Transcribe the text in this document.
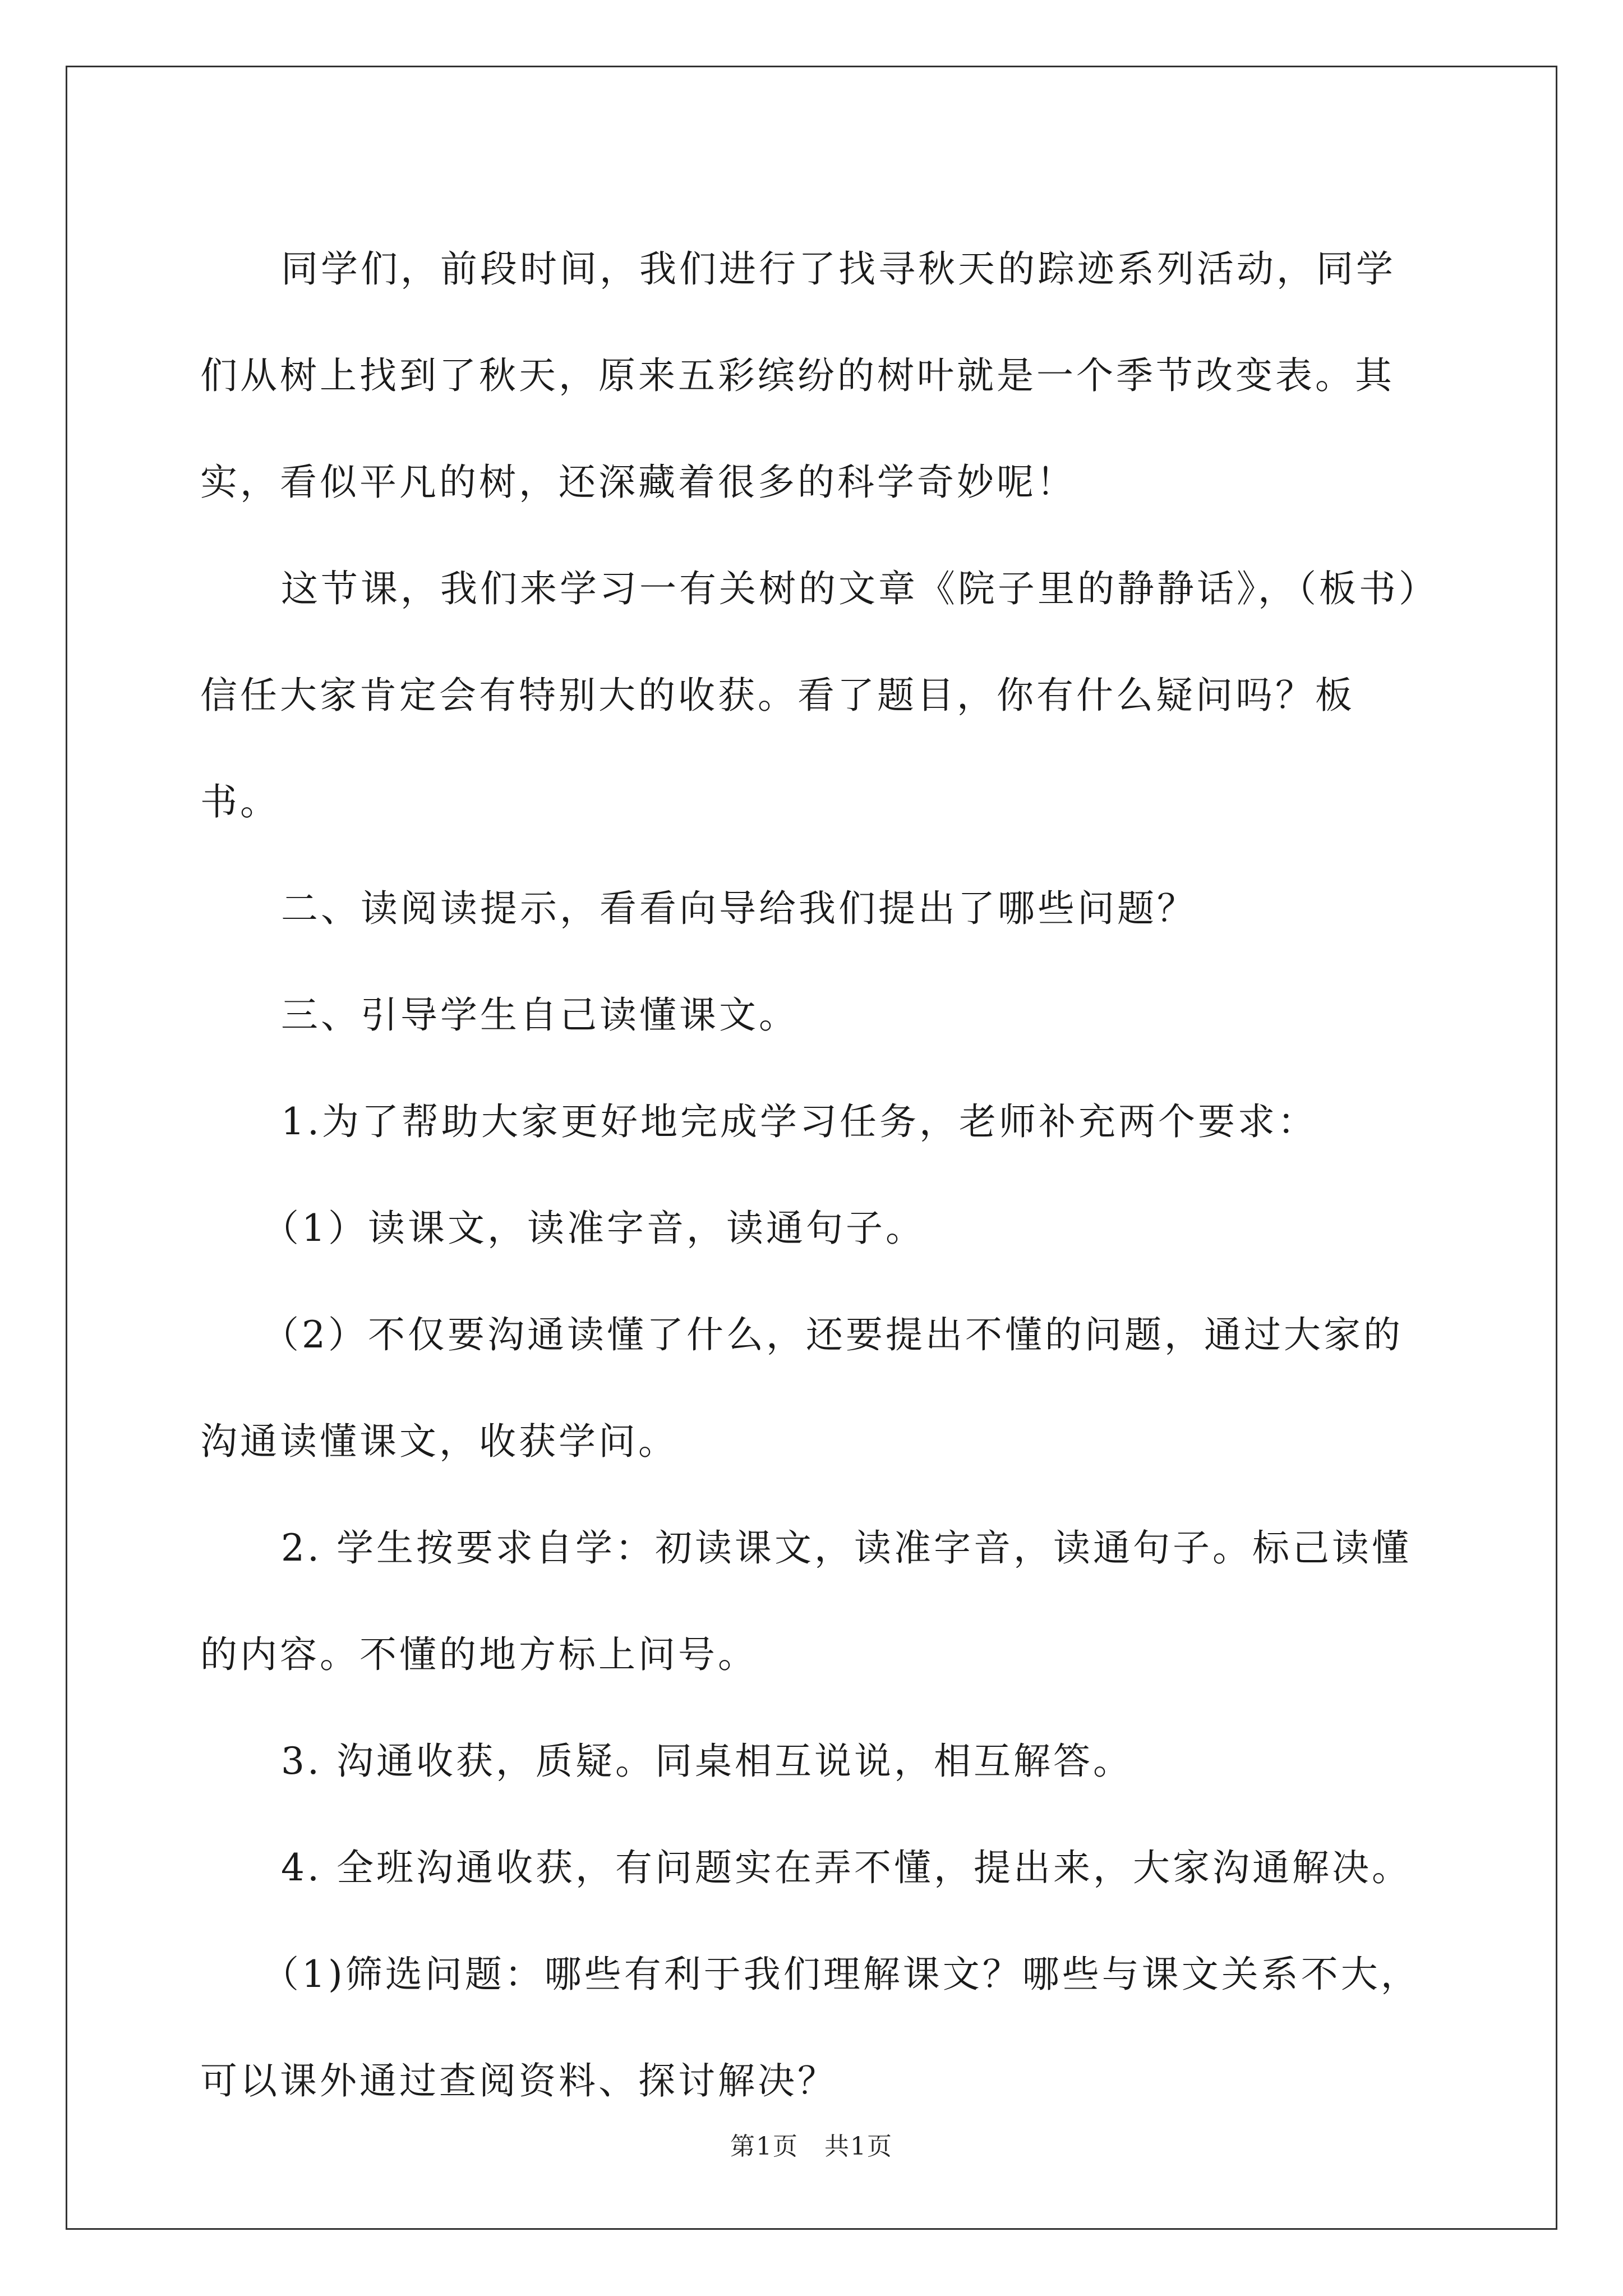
同学们，前段时间，我们进行了找寻秋天的踪迹系列活动，同学们从树上找到了秋天，原来五彩缤纷的树叶就是一个季节改变表。其实，看似平凡的树，还深藏着很多的科学奇妙呢！

这节课，我们来学习一有关树的文章《院子里的静静话》，（板书）信任大家肯定会有特别大的收获。看了题目，你有什么疑问吗？板书。

二、读阅读提示，看看向导给我们提出了哪些问题？

三、引导学生自己读懂课文。

1.为了帮助大家更好地完成学习任务，老师补充两个要求：

（1）读课文，读准字音，读通句子。

（2）不仅要沟通读懂了什么，还要提出不懂的问题，通过大家的沟通读懂课文，收获学问。

2. 学生按要求自学：初读课文，读准字音，读通句子。标己读懂的内容。不懂的地方标上问号。

3. 沟通收获，质疑。同桌相互说说，相互解答。

4. 全班沟通收获，有问题实在弄不懂，提出来，大家沟通解决。

（1)筛选问题：哪些有利于我们理解课文？哪些与课文关系不大，可以课外通过查阅资料、探讨解决？

第1页　共1页
